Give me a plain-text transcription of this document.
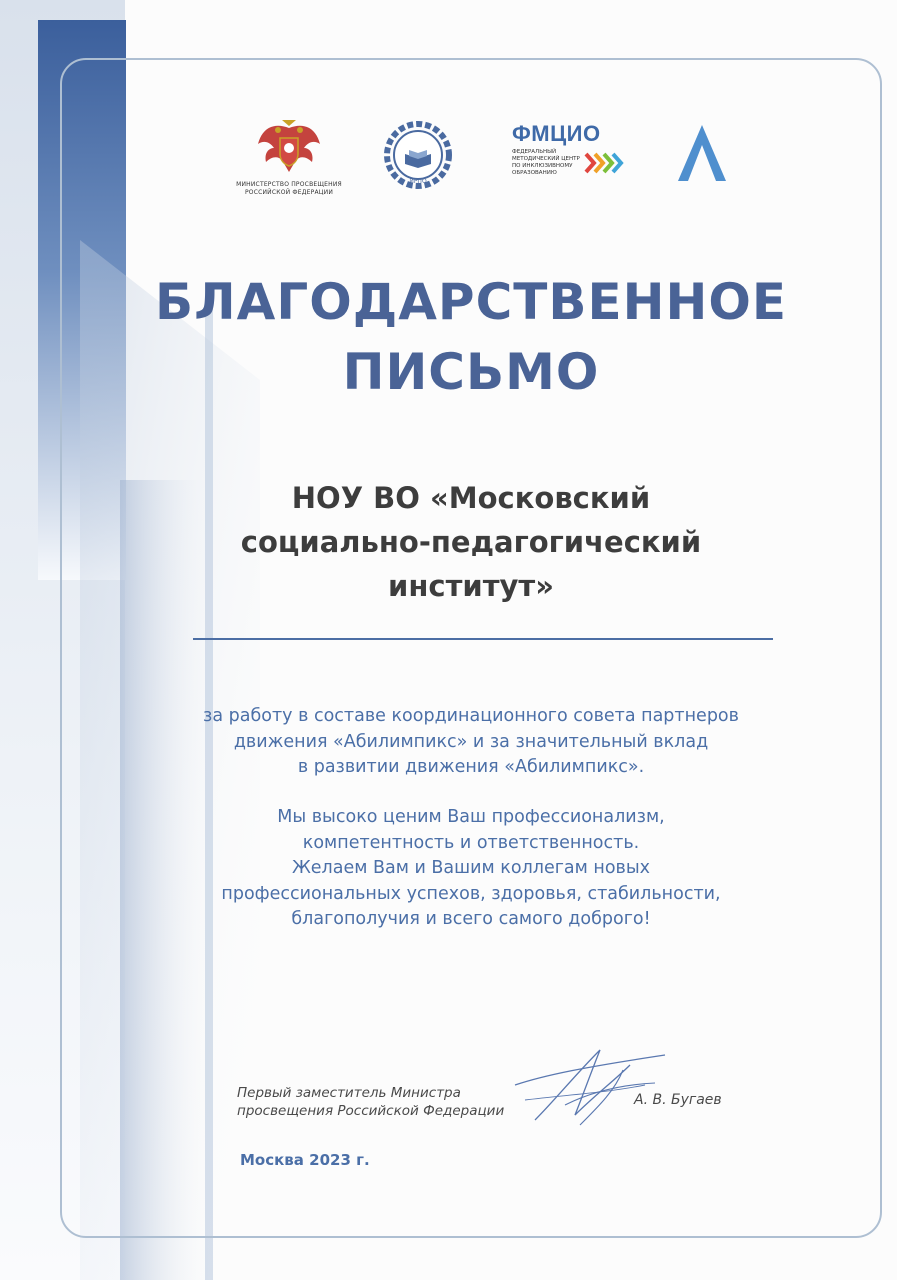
МИНИСТЕРСТВО ПРОСВЕЩЕНИЯ
РОССИЙСКОЙ ФЕДЕРАЦИИ
ИРПО
ФМЦИО
ФЕДЕРАЛЬНЫЙ
МЕТОДИЧЕСКИЙ ЦЕНТР
ПО ИНКЛЮЗИВНОМУ
ОБРАЗОВАНИЮ
БЛАГОДАРСТВЕННОЕ
ПИСЬМО
НОУ ВО «Московский
социально-педагогический
институт»
за работу в составе координационного совета партнеров
движения «Абилимпикс» и за значительный вклад
в развитии движения «Абилимпикс».
Мы высоко ценим Ваш профессионализм,
компетентность и ответственность.
Желаем Вам и Вашим коллегам новых
профессиональных успехов, здоровья, стабильности,
благополучия и всего самого доброго!
Первый заместитель Министра
просвещения Российской Федерации
А. В. Бугаев
Москва 2023 г.
